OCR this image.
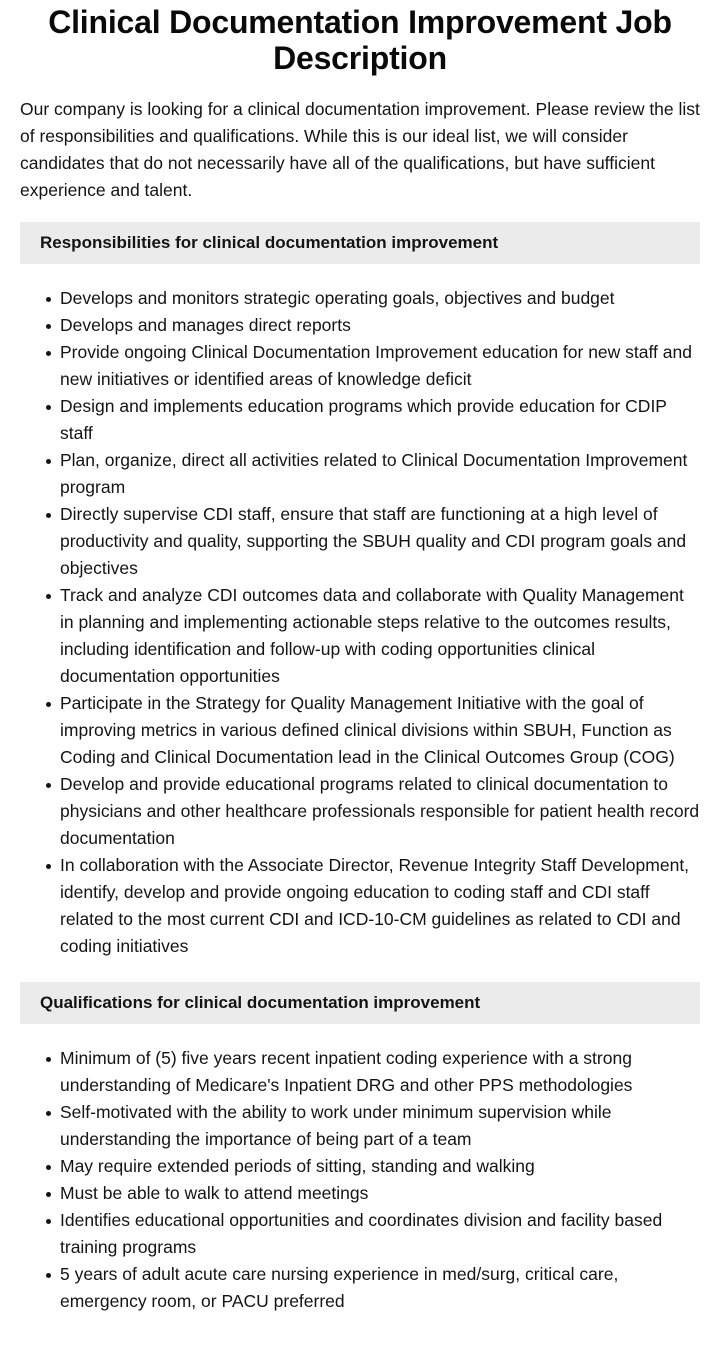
Clinical Documentation Improvement Job Description

Our company is looking for a clinical documentation improvement. Please review the list of responsibilities and qualifications. While this is our ideal list, we will consider candidates that do not necessarily have all of the qualifications, but have sufficient experience and talent.

Responsibilities for clinical documentation improvement
Develops and monitors strategic operating goals, objectives and budget
Develops and manages direct reports
Provide ongoing Clinical Documentation Improvement education for new staff and new initiatives or identified areas of knowledge deficit
Design and implements education programs which provide education for CDIP staff
Plan, organize, direct all activities related to Clinical Documentation Improvement program
Directly supervise CDI staff, ensure that staff are functioning at a high level of productivity and quality, supporting the SBUH quality and CDI program goals and objectives
Track and analyze CDI outcomes data and collaborate with Quality Management in planning and implementing actionable steps relative to the outcomes results, including identification and follow-up with coding opportunities clinical documentation opportunities
Participate in the Strategy for Quality Management Initiative with the goal of improving metrics in various defined clinical divisions within SBUH, Function as Coding and Clinical Documentation lead in the Clinical Outcomes Group (COG)
Develop and provide educational programs related to clinical documentation to physicians and other healthcare professionals responsible for patient health record documentation
In collaboration with the Associate Director, Revenue Integrity Staff Development, identify, develop and provide ongoing education to coding staff and CDI staff related to the most current CDI and ICD-10-CM guidelines as related to CDI and coding initiatives
Qualifications for clinical documentation improvement
Minimum of (5) five years recent inpatient coding experience with a strong understanding of Medicare's Inpatient DRG and other PPS methodologies
Self-motivated with the ability to work under minimum supervision while understanding the importance of being part of a team
May require extended periods of sitting, standing and walking
Must be able to walk to attend meetings
Identifies educational opportunities and coordinates division and facility based training programs
5 years of adult acute care nursing experience in med/surg, critical care, emergency room, or PACU preferred
